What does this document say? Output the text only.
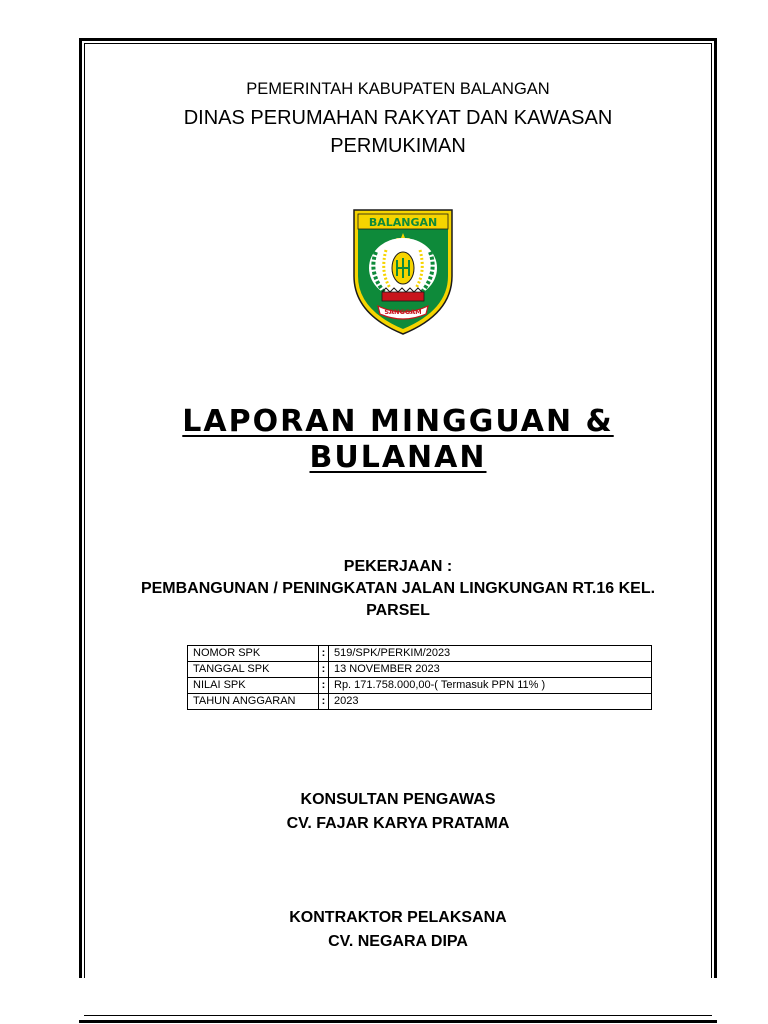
PEMERINTAH KABUPATEN BALANGAN
DINAS PERUMAHAN RAKYAT DAN KAWASAN
PERMUKIMAN
BALANGAN
SANGGAM
LAPORAN MINGGUAN &
BULANAN
PEKERJAAN :
PEMBANGUNAN / PENINGKATAN JALAN LINGKUNGAN RT.16 KEL.
PARSEL
NOMOR SPK	:	519/SPK/PERKIM/2023
TANGGAL SPK	:	13 NOVEMBER 2023
NILAI SPK	:	Rp. 171.758.000,00-( Termasuk PPN 11% )
TAHUN ANGGARAN	:	2023
KONSULTAN PENGAWAS
CV. FAJAR KARYA PRATAMA
KONTRAKTOR PELAKSANA
CV. NEGARA DIPA
